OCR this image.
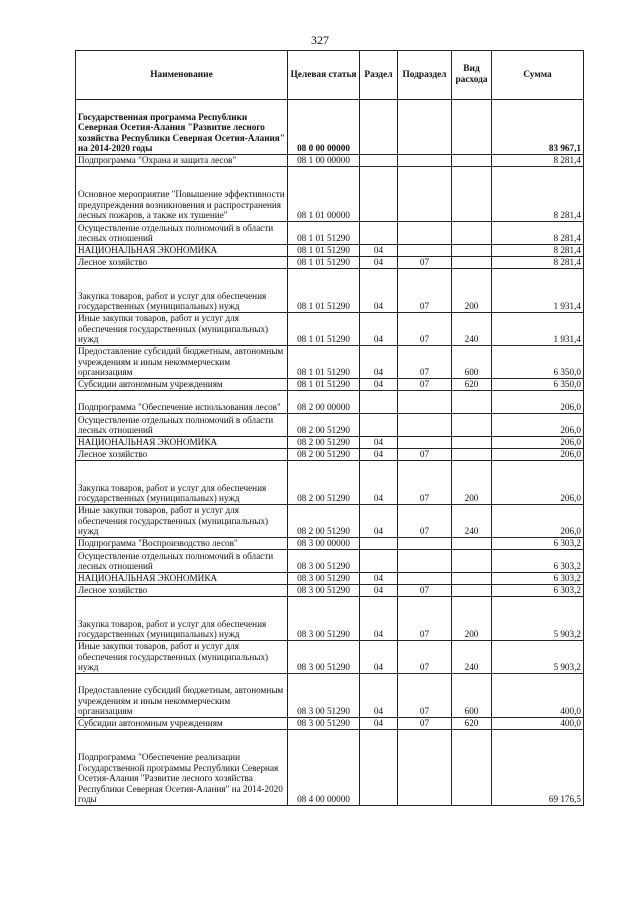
327
Наименование	Целевая статья	Раздел	Подраздел	Вид расхода	Сумма
Государственная программа Республики Северная Осетия-Алания "Развитие лесного хозяйства Республики Северная Осетия-Алания" на 2014-2020 годы	08 0 00 00000				83 967,1
Подпрограмма "Охрана и защита лесов"	08 1 00 00000				8 281,4
Основное мероприятие "Повышение эффективности предупреждения возникновения и распространения лесных пожаров, а также их тушение"	08 1 01 00000				8 281,4
Осуществление отдельных полномочий в области лесных отношений	08 1 01 51290				8 281,4
НАЦИОНАЛЬНАЯ ЭКОНОМИКА	08 1 01 51290	04			8 281,4
Лесное хозяйство	08 1 01 51290	04	07		8 281,4
Закупка товаров, работ и услуг для обеспечения государственных (муниципальных) нужд	08 1 01 51290	04	07	200	1 931,4
Иные закупки товаров, работ и услуг для обеспечения государственных (муниципальных) нужд	08 1 01 51290	04	07	240	1 931,4
Предоставление субсидий бюджетным, автономным учреждениям и иным некоммерческим организациям	08 1 01 51290	04	07	600	6 350,0
Субсидии автономным учреждениям	08 1 01 51290	04	07	620	6 350,0
Подпрограмма "Обеспечение использования лесов"	08 2 00 00000				206,0
Осуществление отдельных полномочий в области лесных отношений	08 2 00 51290				206,0
НАЦИОНАЛЬНАЯ ЭКОНОМИКА	08 2 00 51290	04			206,0
Лесное хозяйство	08 2 00 51290	04	07		206,0
Закупка товаров, работ и услуг для обеспечения государственных (муниципальных) нужд	08 2 00 51290	04	07	200	206,0
Иные закупки товаров, работ и услуг для обеспечения государственных (муниципальных) нужд	08 2 00 51290	04	07	240	206,0
Подпрограмма "Воспроизводство лесов"	08 3 00 00000				6 303,2
Осуществление отдельных полномочий в области лесных отношений	08 3 00 51290				6 303,2
НАЦИОНАЛЬНАЯ ЭКОНОМИКА	08 3 00 51290	04			6 303,2
Лесное хозяйство	08 3 00 51290	04	07		6 303,2
Закупка товаров, работ и услуг для обеспечения государственных (муниципальных) нужд	08 3 00 51290	04	07	200	5 903,2
Иные закупки товаров, работ и услуг для обеспечения государственных (муниципальных) нужд	08 3 00 51290	04	07	240	5 903,2
Предоставление субсидий бюджетным, автономным учреждениям и иным некоммерческим организациям	08 3 00 51290	04	07	600	400,0
Субсидии автономным учреждениям	08 3 00 51290	04	07	620	400,0
Подпрограмма "Обеспечение реализации Государственной программы Республики Северная Осетия-Алания "Развитие лесного хозяйства Республики Северная Осетия-Алания" на 2014-2020 годы	08 4 00 00000				69 176,5
